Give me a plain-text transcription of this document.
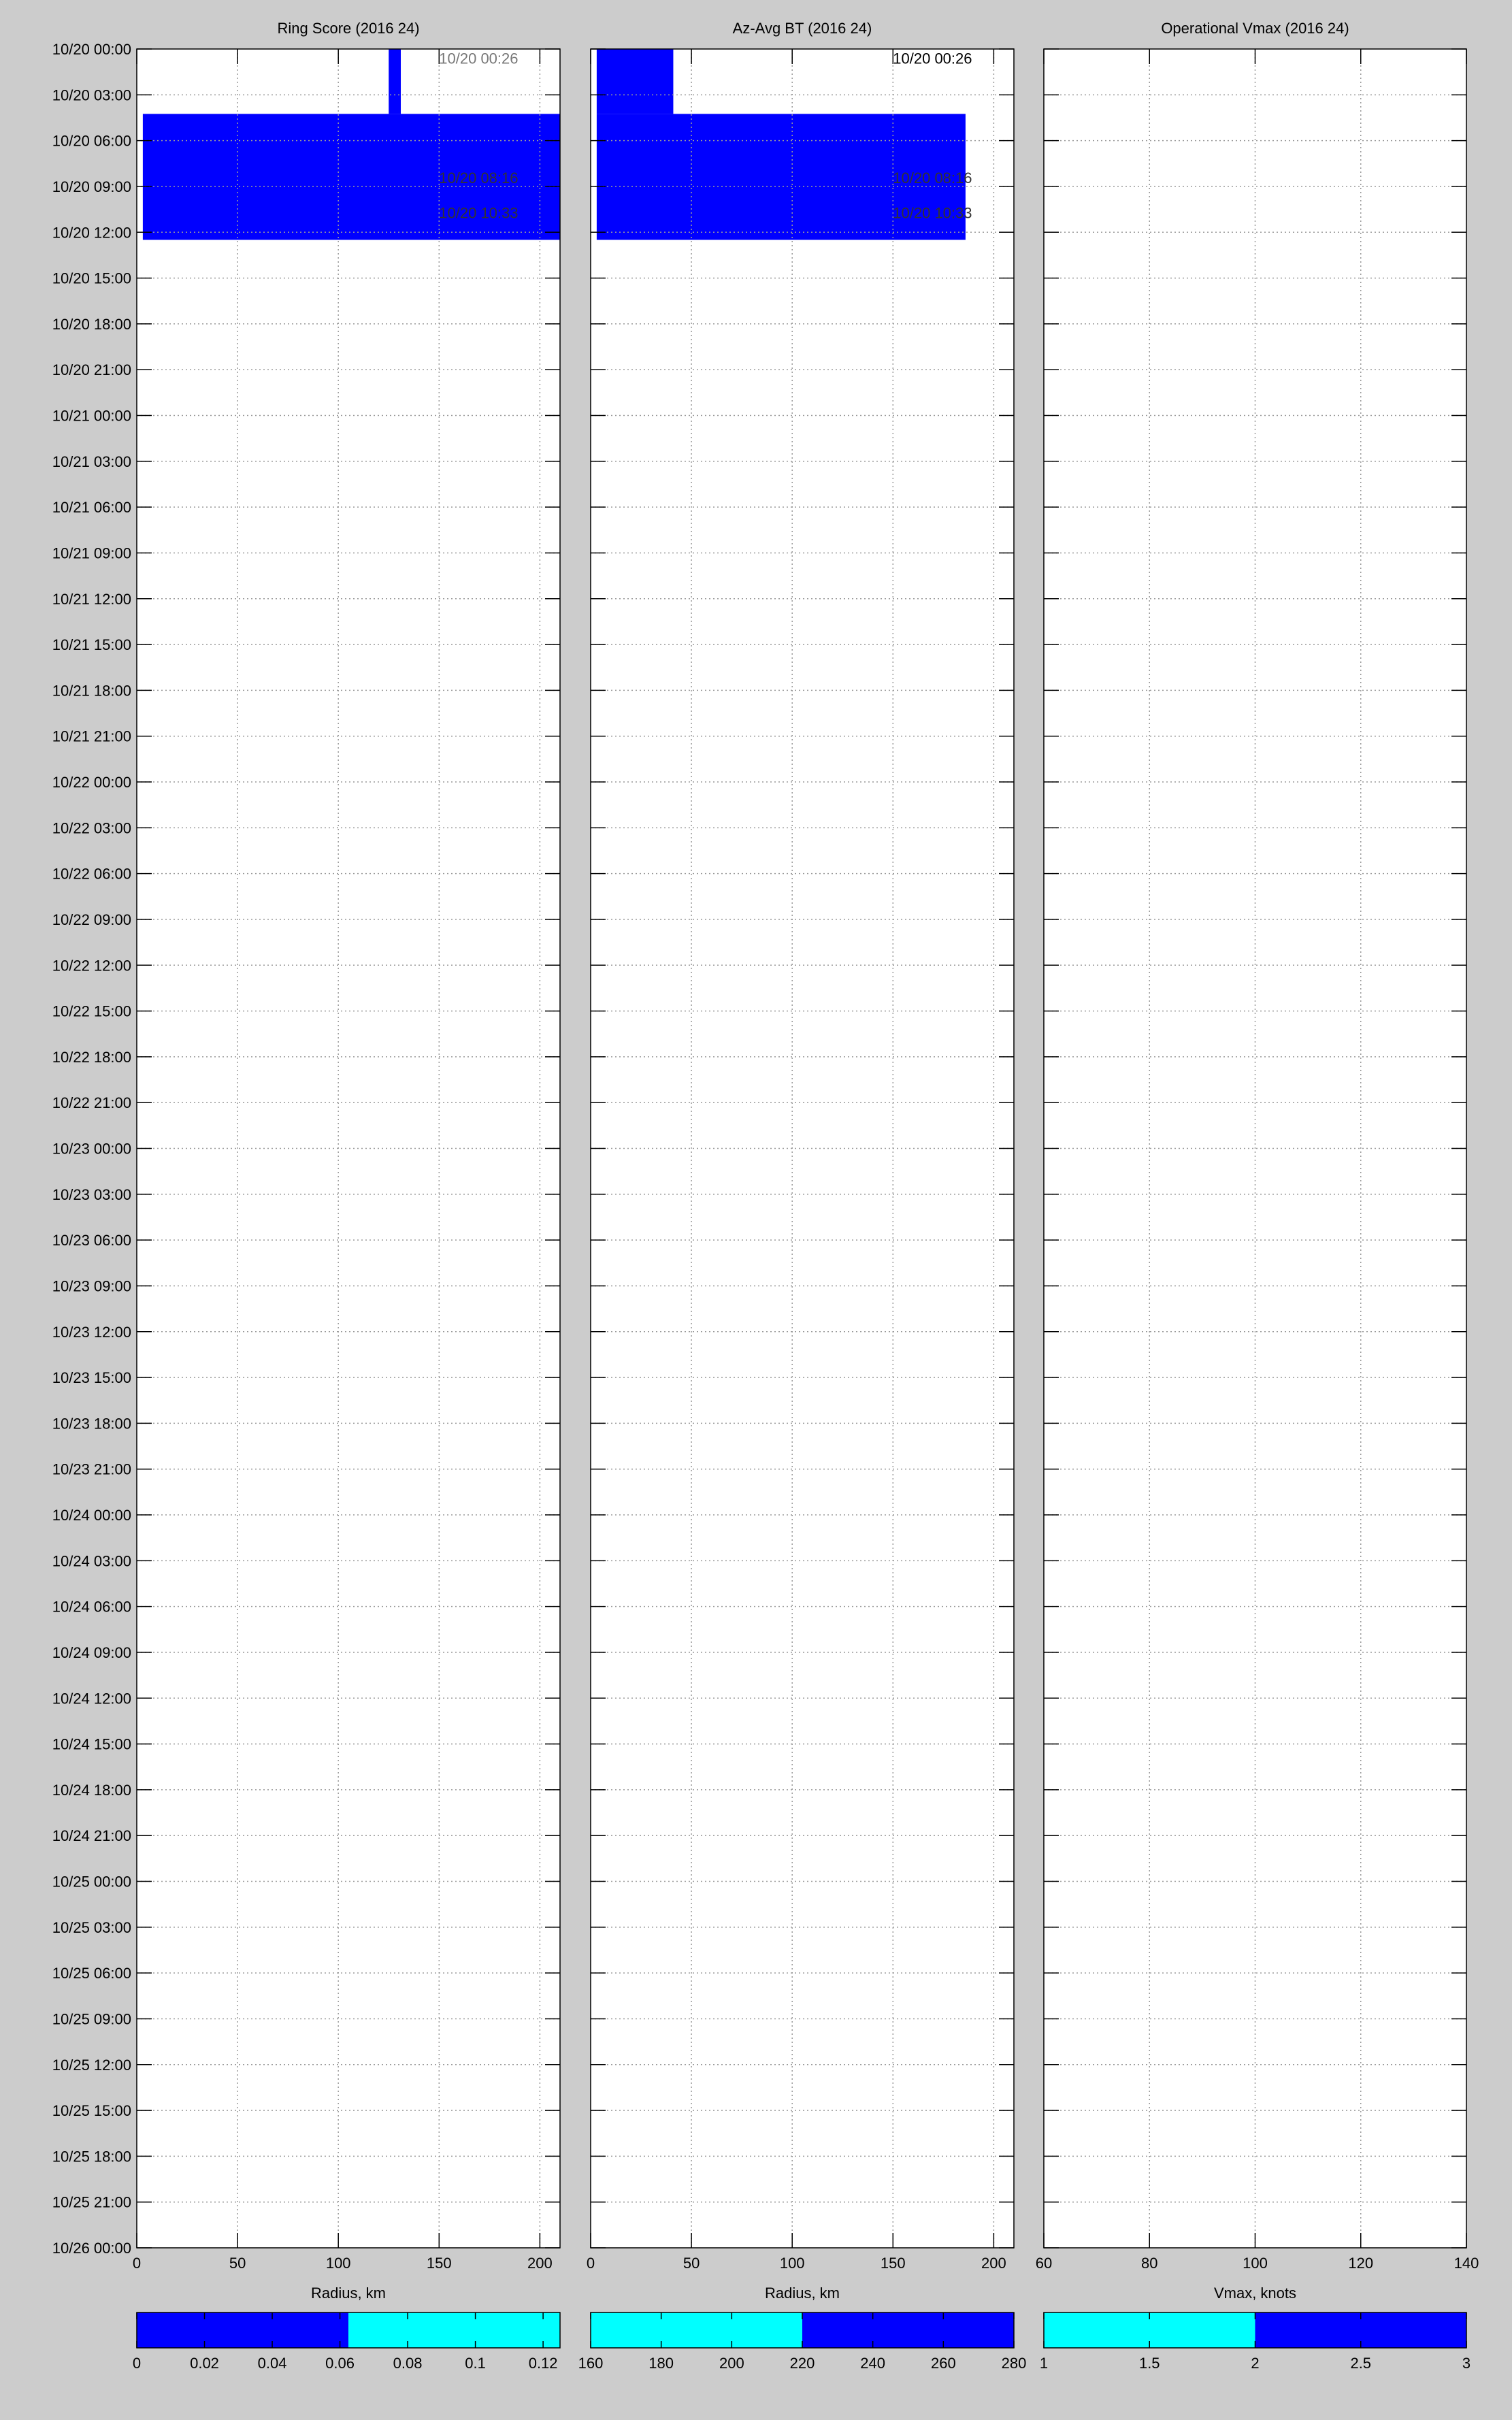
10/20 00:00
10/20 03:00
10/20 06:00
10/20 09:00
10/20 12:00
10/20 15:00
10/20 18:00
10/20 21:00
10/21 00:00
10/21 03:00
10/21 06:00
10/21 09:00
10/21 12:00
10/21 15:00
10/21 18:00
10/21 21:00
10/22 00:00
10/22 03:00
10/22 06:00
10/22 09:00
10/22 12:00
10/22 15:00
10/22 18:00
10/22 21:00
10/23 00:00
10/23 03:00
10/23 06:00
10/23 09:00
10/23 12:00
10/23 15:00
10/23 18:00
10/23 21:00
10/24 00:00
10/24 03:00
10/24 06:00
10/24 09:00
10/24 12:00
10/24 15:00
10/24 18:00
10/24 21:00
10/25 00:00
10/25 03:00
10/25 06:00
10/25 09:00
10/25 12:00
10/25 15:00
10/25 18:00
10/25 21:00
10/26 00:00
0	50	100	150	200
10/20 00:26
10/20 08:16
10/20 10:33
Ring Score (2016 24)
Radius, km
0	0.02	0.04	0.06	0.08	0.1	0.12
0	50	100	150	200
10/20 00:26
10/20 08:16
10/20 10:33
Az-Avg BT (2016 24)
Radius, km
160	180	200	220	240	260	280
60	80	100	120	140
Operational Vmax (2016 24)
Vmax, knots
1	1.5	2	2.5	3
